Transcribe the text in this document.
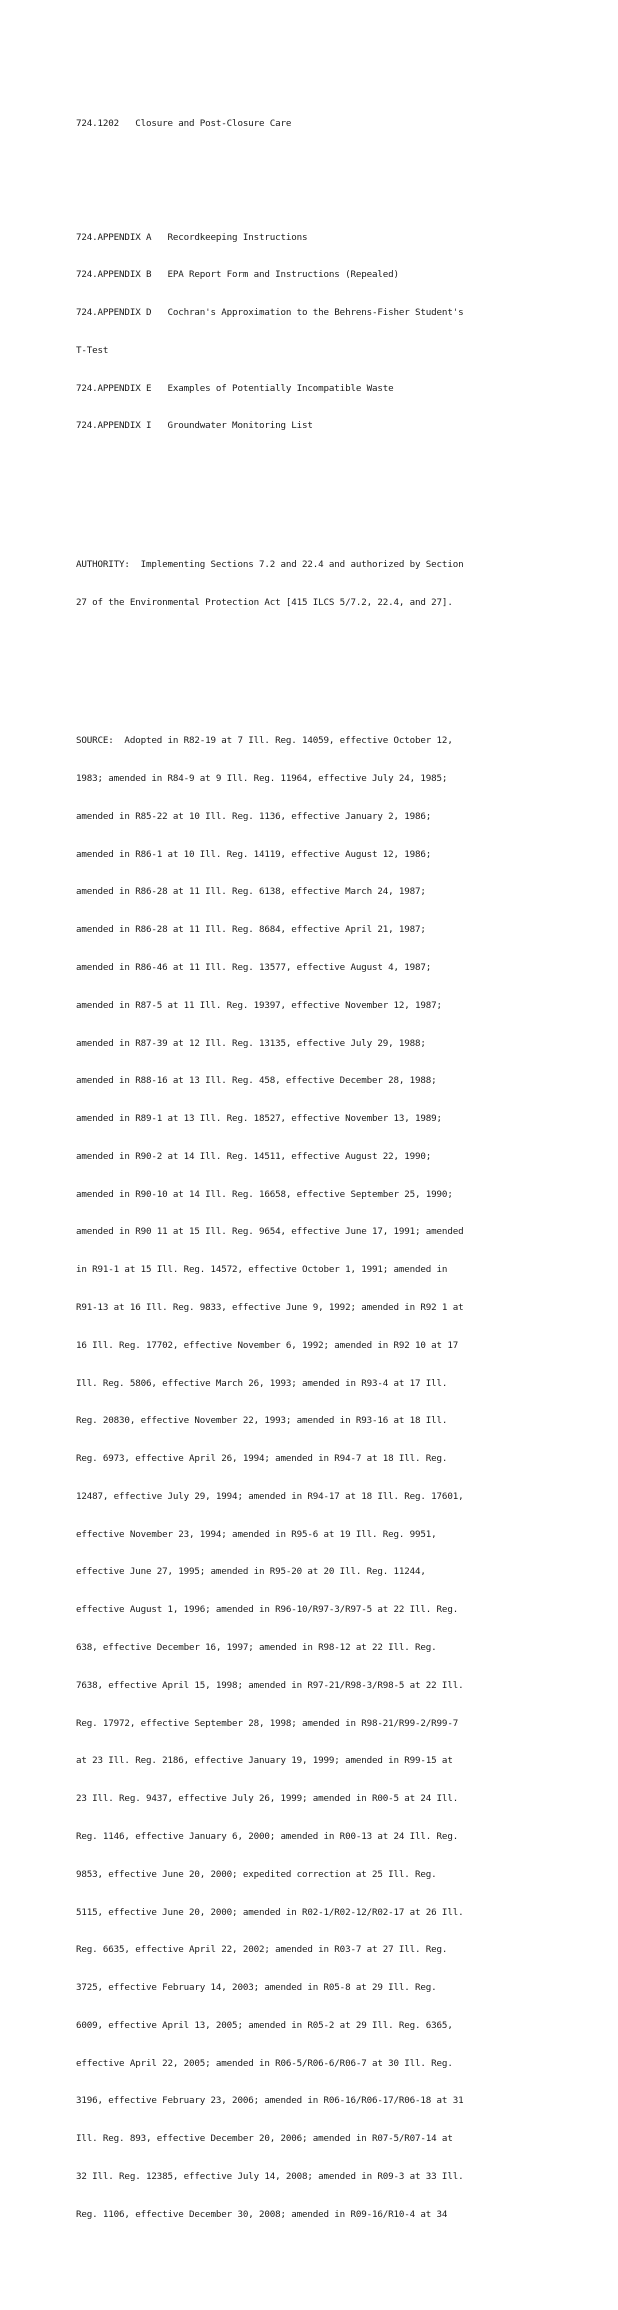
724.1202   Closure and Post-Closure Care

724.APPENDIX A   Recordkeeping Instructions

724.APPENDIX B   EPA Report Form and Instructions (Repealed)

724.APPENDIX D   Cochran's Approximation to the Behrens-Fisher Student's

T-Test

724.APPENDIX E   Examples of Potentially Incompatible Waste

724.APPENDIX I   Groundwater Monitoring List

AUTHORITY:  Implementing Sections 7.2 and 22.4 and authorized by Section

27 of the Environmental Protection Act [415 ILCS 5/7.2, 22.4, and 27].

SOURCE:  Adopted in R82-19 at 7 Ill. Reg. 14059, effective October 12,

1983; amended in R84-9 at 9 Ill. Reg. 11964, effective July 24, 1985;

amended in R85-22 at 10 Ill. Reg. 1136, effective January 2, 1986;

amended in R86-1 at 10 Ill. Reg. 14119, effective August 12, 1986;

amended in R86-28 at 11 Ill. Reg. 6138, effective March 24, 1987;

amended in R86-28 at 11 Ill. Reg. 8684, effective April 21, 1987;

amended in R86-46 at 11 Ill. Reg. 13577, effective August 4, 1987;

amended in R87-5 at 11 Ill. Reg. 19397, effective November 12, 1987;

amended in R87-39 at 12 Ill. Reg. 13135, effective July 29, 1988;

amended in R88-16 at 13 Ill. Reg. 458, effective December 28, 1988;

amended in R89-1 at 13 Ill. Reg. 18527, effective November 13, 1989;

amended in R90-2 at 14 Ill. Reg. 14511, effective August 22, 1990;

amended in R90-10 at 14 Ill. Reg. 16658, effective September 25, 1990;

amended in R90 11 at 15 Ill. Reg. 9654, effective June 17, 1991; amended

in R91-1 at 15 Ill. Reg. 14572, effective October 1, 1991; amended in

R91-13 at 16 Ill. Reg. 9833, effective June 9, 1992; amended in R92 1 at

16 Ill. Reg. 17702, effective November 6, 1992; amended in R92 10 at 17

Ill. Reg. 5806, effective March 26, 1993; amended in R93-4 at 17 Ill.

Reg. 20830, effective November 22, 1993; amended in R93-16 at 18 Ill.

Reg. 6973, effective April 26, 1994; amended in R94-7 at 18 Ill. Reg.

12487, effective July 29, 1994; amended in R94-17 at 18 Ill. Reg. 17601,

effective November 23, 1994; amended in R95-6 at 19 Ill. Reg. 9951,

effective June 27, 1995; amended in R95-20 at 20 Ill. Reg. 11244,

effective August 1, 1996; amended in R96-10/R97-3/R97-5 at 22 Ill. Reg.

638, effective December 16, 1997; amended in R98-12 at 22 Ill. Reg.

7638, effective April 15, 1998; amended in R97-21/R98-3/R98-5 at 22 Ill.

Reg. 17972, effective September 28, 1998; amended in R98-21/R99-2/R99-7

at 23 Ill. Reg. 2186, effective January 19, 1999; amended in R99-15 at

23 Ill. Reg. 9437, effective July 26, 1999; amended in R00-5 at 24 Ill.

Reg. 1146, effective January 6, 2000; amended in R00-13 at 24 Ill. Reg.

9853, effective June 20, 2000; expedited correction at 25 Ill. Reg.

5115, effective June 20, 2000; amended in R02-1/R02-12/R02-17 at 26 Ill.

Reg. 6635, effective April 22, 2002; amended in R03-7 at 27 Ill. Reg.

3725, effective February 14, 2003; amended in R05-8 at 29 Ill. Reg.

6009, effective April 13, 2005; amended in R05-2 at 29 Ill. Reg. 6365,

effective April 22, 2005; amended in R06-5/R06-6/R06-7 at 30 Ill. Reg.

3196, effective February 23, 2006; amended in R06-16/R06-17/R06-18 at 31

Ill. Reg. 893, effective December 20, 2006; amended in R07-5/R07-14 at

32 Ill. Reg. 12385, effective July 14, 2008; amended in R09-3 at 33 Ill.

Reg. 1106, effective December 30, 2008; amended in R09-16/R10-4 at 34
